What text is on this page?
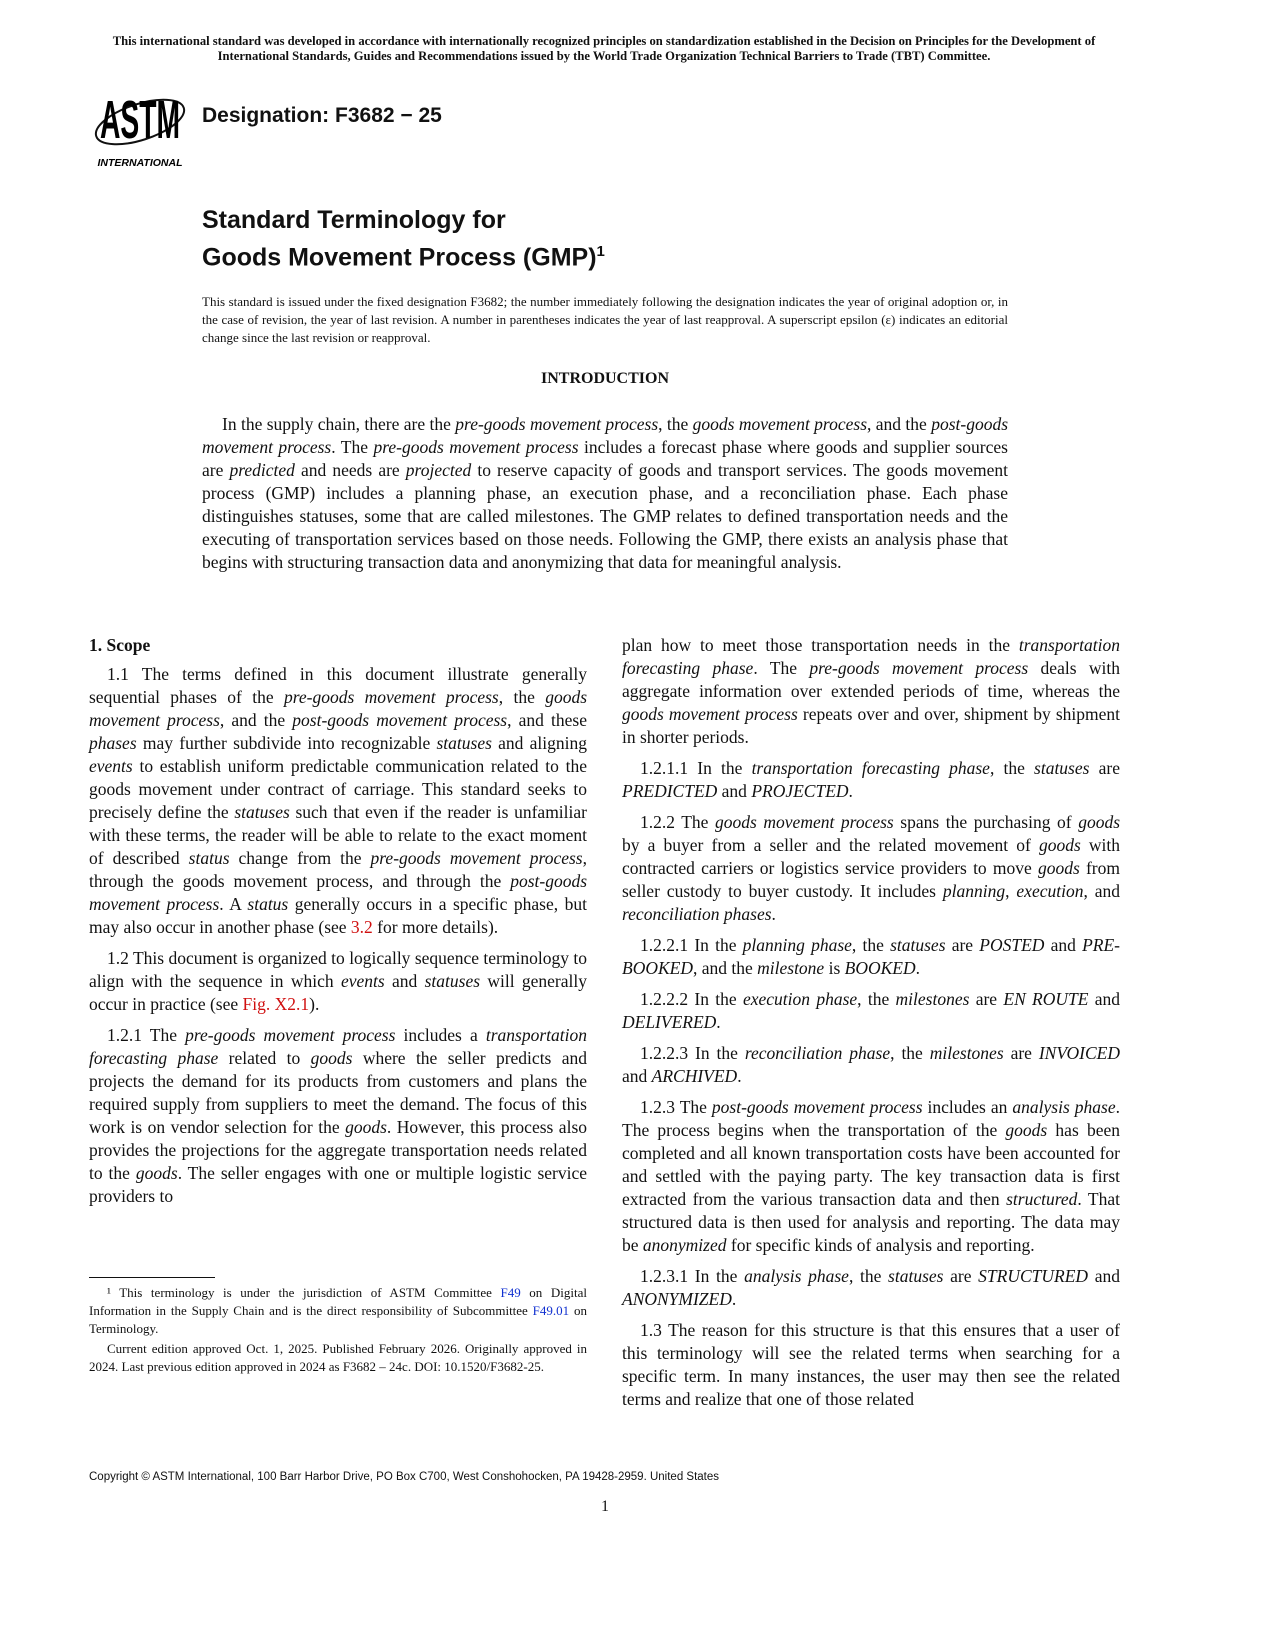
This international standard was developed in accordance with internationally recognized principles on standardization established in the Decision on Principles for the Development of International Standards, Guides and Recommendations issued by the World Trade Organization Technical Barriers to Trade (TBT) Committee.
ASTM
INTERNATIONAL
Designation: F3682 − 25
Standard Terminology for
Goods Movement Process (GMP)$^1$
This standard is issued under the fixed designation F3682; the number immediately following the designation indicates the year of original adoption or, in the case of revision, the year of last revision. A number in parentheses indicates the year of last reapproval. A superscript epsilon (ε) indicates an editorial change since the last revision or reapproval.
INTRODUCTION
In the supply chain, there are the pre-goods movement process, the goods movement process, and the post-goods movement process. The pre-goods movement process includes a forecast phase where goods and supplier sources are predicted and needs are projected to reserve capacity of goods and transport services. The goods movement process (GMP) includes a planning phase, an execution phase, and a reconciliation phase. Each phase distinguishes statuses, some that are called milestones. The GMP relates to defined transportation needs and the executing of transportation services based on those needs. Following the GMP, there exists an analysis phase that begins with structuring transaction data and anonymizing that data for meaningful analysis.
1. Scope

1.1 The terms defined in this document illustrate generally sequential phases of the pre-goods movement process, the goods movement process, and the post-goods movement process, and these phases may further subdivide into recognizable statuses and aligning events to establish uniform predictable communication related to the goods movement under contract of carriage. This standard seeks to precisely define the statuses such that even if the reader is unfamiliar with these terms, the reader will be able to relate to the exact moment of described status change from the pre-goods movement process, through the goods movement process, and through the post-goods movement process. A status generally occurs in a specific phase, but may also occur in another phase (see 3.2 for more details).

1.2 This document is organized to logically sequence terminology to align with the sequence in which events and statuses will generally occur in practice (see Fig. X2.1).

1.2.1 The pre-goods movement process includes a transportation forecasting phase related to goods where the seller predicts and projects the demand for its products from customers and plans the required supply from suppliers to meet the demand. The focus of this work is on vendor selection for the goods. However, this process also provides the projections for the aggregate transportation needs related to the goods. The seller engages with one or multiple logistic service providers to

plan how to meet those transportation needs in the transportation forecasting phase. The pre-goods movement process deals with aggregate information over extended periods of time, whereas the goods movement process repeats over and over, shipment by shipment in shorter periods.

1.2.1.1 In the transportation forecasting phase, the statuses are PREDICTED and PROJECTED.

1.2.2 The goods movement process spans the purchasing of goods by a buyer from a seller and the related movement of goods with contracted carriers or logistics service providers to move goods from seller custody to buyer custody. It includes planning, execution, and reconciliation phases.

1.2.2.1 In the planning phase, the statuses are POSTED and PRE-BOOKED, and the milestone is BOOKED.

1.2.2.2 In the execution phase, the milestones are EN ROUTE and DELIVERED.

1.2.2.3 In the reconciliation phase, the milestones are INVOICED and ARCHIVED.

1.2.3 The post-goods movement process includes an analysis phase. The process begins when the transportation of the goods has been completed and all known transportation costs have been accounted for and settled with the paying party. The key transaction data is first extracted from the various transaction data and then structured. That structured data is then used for analysis and reporting. The data may be anonymized for specific kinds of analysis and reporting.

1.2.3.1 In the analysis phase, the statuses are STRUCTURED and ANONYMIZED.

1.3 The reason for this structure is that this ensures that a user of this terminology will see the related terms when searching for a specific term. In many instances, the user may then see the related terms and realize that one of those related

¹ This terminology is under the jurisdiction of ASTM Committee F49 on Digital Information in the Supply Chain and is the direct responsibility of Subcommittee F49.01 on Terminology.

Current edition approved Oct. 1, 2025. Published February 2026. Originally approved in 2024. Last previous edition approved in 2024 as F3682 – 24c. DOI: 10.1520/F3682-25.

Copyright © ASTM International, 100 Barr Harbor Drive, PO Box C700, West Conshohocken, PA 19428-2959. United States
1
